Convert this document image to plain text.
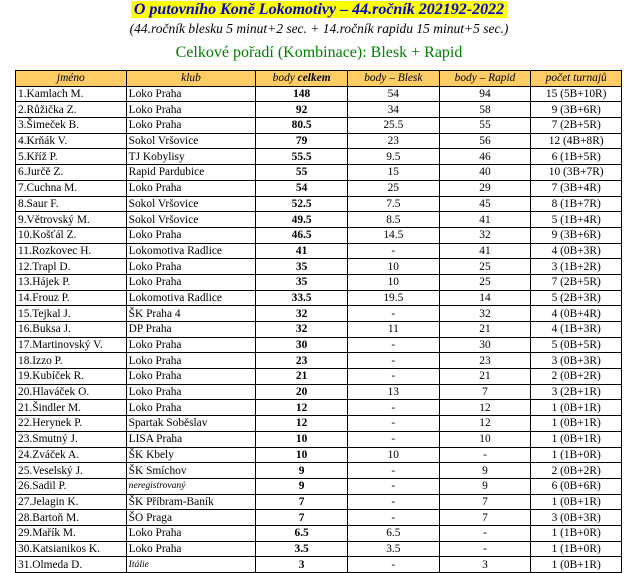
O putovního Koně Lokomotivy – 44.ročník 202192-2022
(44.ročník blesku 5 minut+2 sec. + 14.ročník rapidu 15 minut+5 sec.)
Celkové pořadí (Kombinace): Blesk + Rapid
jméno	klub	body celkem	body – Blesk	body – Rapid	počet turnajů
1.Kamlach M.	Loko Praha	148	54	94	15 (5B+10R)
2.Růžička Z.	Loko Praha	92	34	58	9 (3B+6R)
3.Šimeček B.	Loko Praha	80.5	25.5	55	7 (2B+5R)
4.Krňák V.	Sokol Vršovice	79	23	56	12 (4B+8R)
5.Kříž P.	TJ Kobylisy	55.5	9.5	46	6 (1B+5R)
6.Jurčě Z.	Rapid Pardubice	55	15	40	10 (3B+7R)
7.Cuchna M.	Loko Praha	54	25	29	7 (3B+4R)
8.Saur F.	Sokol Vršovice	52.5	7.5	45	8 (1B+7R)
9.Větrovský M.	Sokol Vršovice	49.5	8.5	41	5 (1B+4R)
10.Košťál Z.	Loko Praha	46.5	14.5	32	9 (3B+6R)
11.Rozkovec H.	Lokomotiva Radlice	41	-	41	4 (0B+3R)
12.Trapl D.	Loko Praha	35	10	25	3 (1B+2R)
13.Hájek P.	Loko Praha	35	10	25	7 (2B+5R)
14.Frouz P.	Lokomotiva Radlice	33.5	19.5	14	5 (2B+3R)
15.Tejkal J.	ŠK Praha 4	32	-	32	4 (0B+4R)
16.Buksa J.	DP Praha	32	11	21	4 (1B+3R)
17.Martinovský V.	Loko Praha	30	-	30	5 (0B+5R)
18.Izzo P.	Loko Praha	23	-	23	3 (0B+3R)
19.Kubíček R.	Loko Praha	21	-	21	2 (0B+2R)
20.Hlaváček O.	Loko Praha	20	13	7	3 (2B+1R)
21.Šindler M.	Loko Praha	12	-	12	1 (0B+1R)
22.Herynek P.	Spartak Soběslav	12	-	12	1 (0B+1R)
23.Smutný J.	LISA Praha	10	-	10	1 (0B+1R)
24.Zváček A.	ŠK Kbely	10	10	-	1 (1B+0R)
25.Veselský J.	ŠK Smíchov	9	-	9	2 (0B+2R)
26.Sadil P.	neregistrovaný	9	-	9	6 (0B+6R)
27.Jelagin K.	ŠK Příbram-Baník	7	-	7	1 (0B+1R)
28.Bartoň M.	ŠO Praga	7	-	7	3 (0B+3R)
29.Mařík M.	Loko Praha	6.5	6.5	-	1 (1B+0R)
30.Katsianikos K.	Loko Praha	3.5	3.5	-	1 (1B+0R)
31.Olmeda D.	Itálie	3	-	3	1 (0B+1R)
